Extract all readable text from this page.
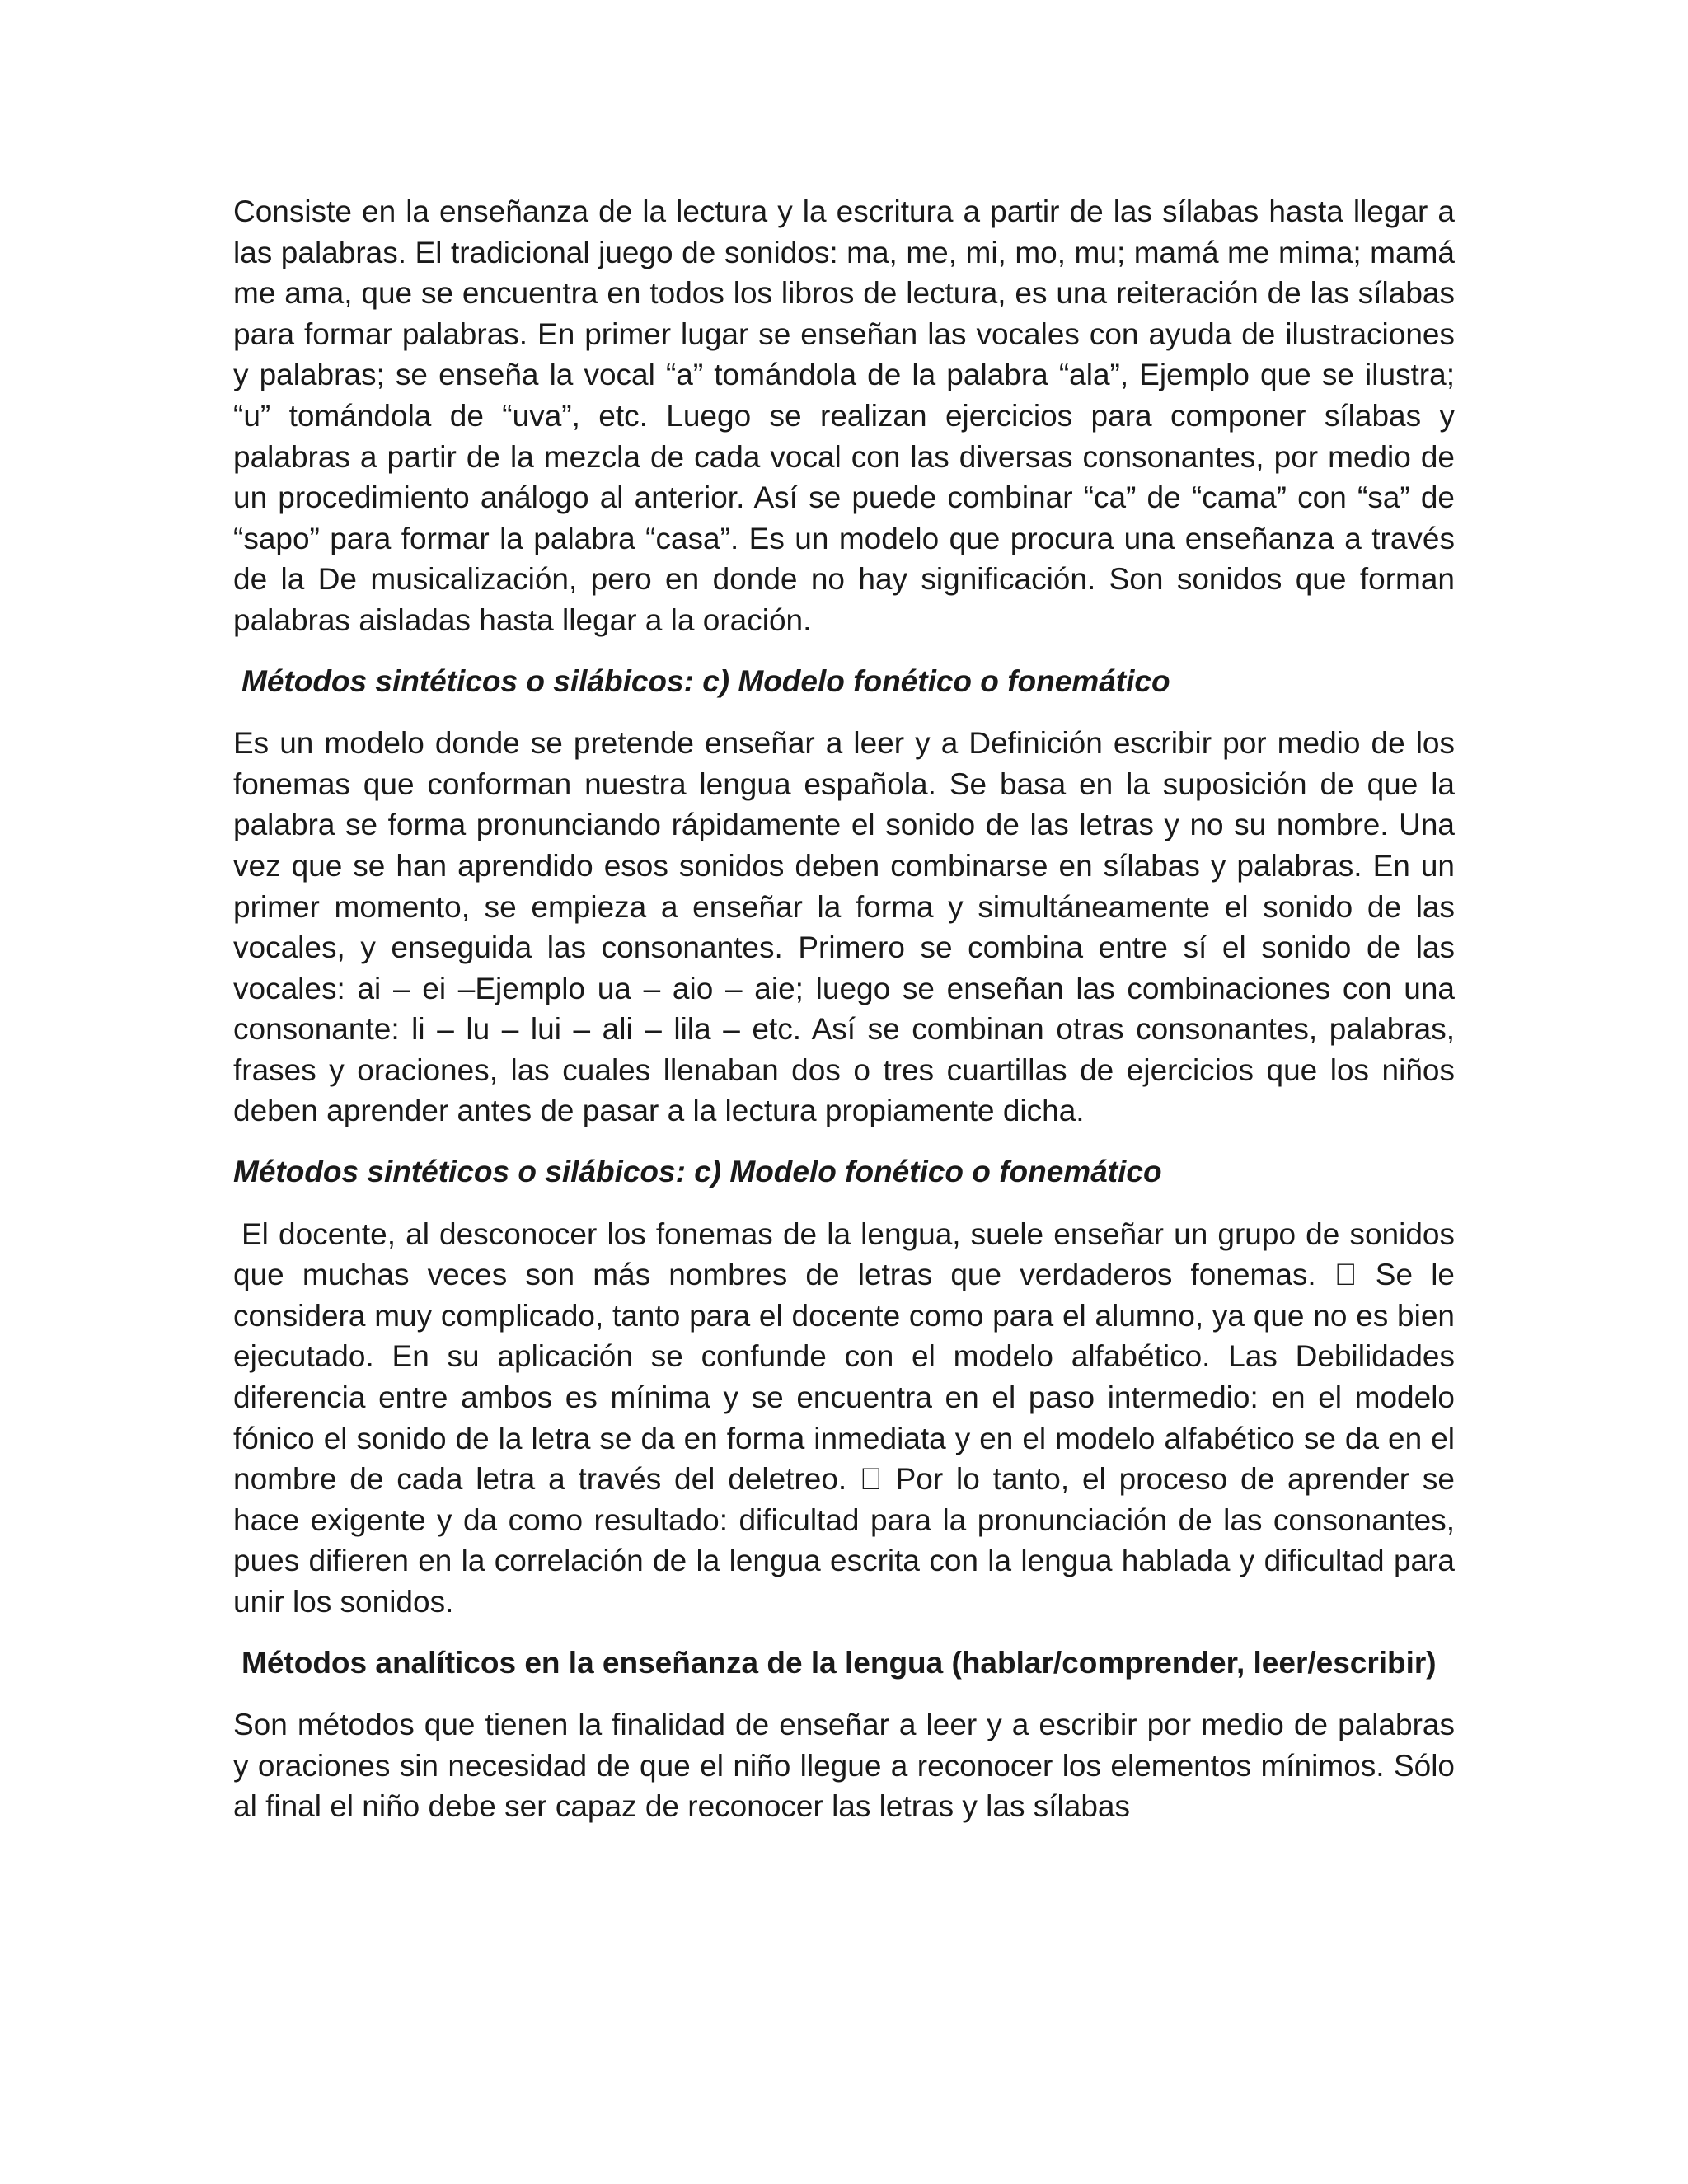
Consiste en la enseñanza de la lectura y la escritura a partir de las sílabas hasta llegar a las palabras. El tradicional juego de sonidos: ma, me, mi, mo, mu; mamá me mima; mamá me ama, que se encuentra en todos los libros de lectura, es una reiteración de las sílabas para formar palabras. En primer lugar se enseñan las vocales con ayuda de ilustraciones y palabras; se enseña la vocal “a” tomándola de la palabra “ala”, Ejemplo que se ilustra; “u” tomándola de “uva”, etc. Luego se realizan ejercicios para componer sílabas y palabras a partir de la mezcla de cada vocal con las diversas consonantes, por medio de un procedimiento análogo al anterior. Así se puede combinar “ca” de “cama” con “sa” de “sapo” para formar la palabra “casa”. Es un modelo que procura una enseñanza a través de la De musicalización, pero en donde no hay significación. Son sonidos que forman palabras aisladas hasta llegar a la oración.

Métodos sintéticos o silábicos: c) Modelo fonético o fonemático

Es un modelo donde se pretende enseñar a leer y a Definición escribir por medio de los fonemas que conforman nuestra lengua española. Se basa en la suposición de que la palabra se forma pronunciando rápidamente el sonido de las letras y no su nombre. Una vez que se han aprendido esos sonidos deben combinarse en sílabas y palabras. En un primer momento, se empieza a enseñar la forma y simultáneamente el sonido de las vocales, y enseguida las consonantes. Primero se combina entre sí el sonido de las vocales: ai – ei –Ejemplo ua – aio – aie; luego se enseñan las combinaciones con una consonante: li – lu – lui – ali – lila – etc. Así se combinan otras consonantes, palabras, frases y oraciones, las cuales llenaban dos o tres cuartillas de ejercicios que los niños deben aprender antes de pasar a la lectura propiamente dicha.

Métodos sintéticos o silábicos: c) Modelo fonético o fonemático

El docente, al desconocer los fonemas de la lengua, suele enseñar un grupo de sonidos que muchas veces son más nombres de letras que verdaderos fonemas. Se le considera muy complicado, tanto para el docente como para el alumno, ya que no es bien ejecutado. En su aplicación se confunde con el modelo alfabético. Las Debilidades diferencia entre ambos es mínima y se encuentra en el paso intermedio: en el modelo fónico el sonido de la letra se da en forma inmediata y en el modelo alfabético se da en el nombre de cada letra a través del deletreo. Por lo tanto, el proceso de aprender se hace exigente y da como resultado: dificultad para la pronunciación de las consonantes, pues difieren en la correlación de la lengua escrita con la lengua hablada y dificultad para unir los sonidos.

Métodos analíticos en la enseñanza de la lengua (hablar/comprender, leer/escribir)

Son métodos que tienen la finalidad de enseñar a leer y a escribir por medio de palabras y oraciones sin necesidad de que el niño llegue a reconocer los elementos mínimos. Sólo al final el niño debe ser capaz de reconocer las letras y las sílabas
